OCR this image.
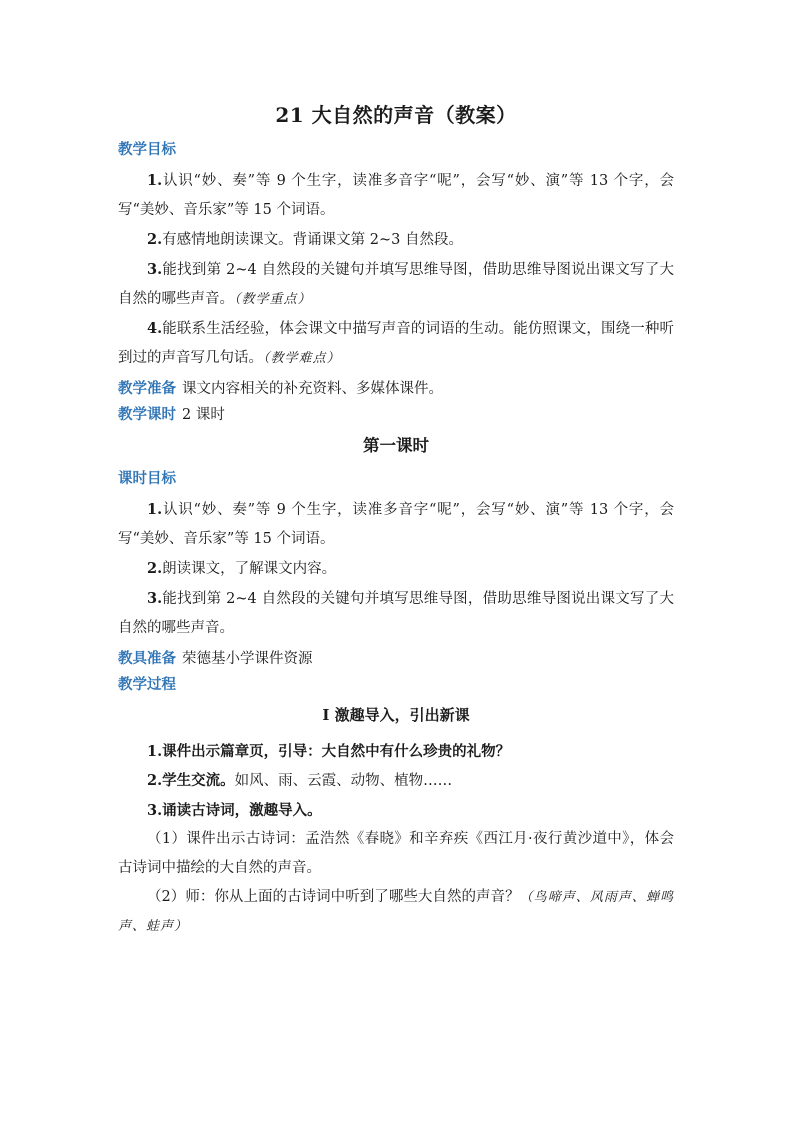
21 大自然的声音（教案）
教学目标

1.认识“妙、奏”等 9 个生字，读准多音字“呢”，会写“妙、演”等 13 个字，会写“美妙、音乐家”等 15 个词语。

2.有感情地朗读课文。背诵课文第 2~3 自然段。

3.能找到第 2~4 自然段的关键句并填写思维导图，借助思维导图说出课文写了大自然的哪些声音。（教学重点）

4.能联系生活经验，体会课文中描写声音的词语的生动。能仿照课文，围绕一种听到过的声音写几句话。（教学难点）

教学准备 课文内容相关的补充资料、多媒体课件。
教学课时 2 课时
第一课时
课时目标

1.认识“妙、奏”等 9 个生字，读准多音字“呢”，会写“妙、演”等 13 个字，会写“美妙、音乐家”等 15 个词语。

2.朗读课文，了解课文内容。

3.能找到第 2~4 自然段的关键句并填写思维导图，借助思维导图说出课文写了大自然的哪些声音。

教具准备 荣德基小学课件资源
教学过程
Ⅰ 激趣导入，引出新课

1.课件出示篇章页，引导：大自然中有什么珍贵的礼物？

2.学生交流。如风、雨、云霞、动物、植物……

3.诵读古诗词，激趣导入。

（1）课件出示古诗词：孟浩然《春晓》和辛弃疾《西江月·夜行黄沙道中》，体会古诗词中描绘的大自然的声音。

（2）师：你从上面的古诗词中听到了哪些大自然的声音？（鸟啼声、风雨声、蝉鸣声、蛙声）
